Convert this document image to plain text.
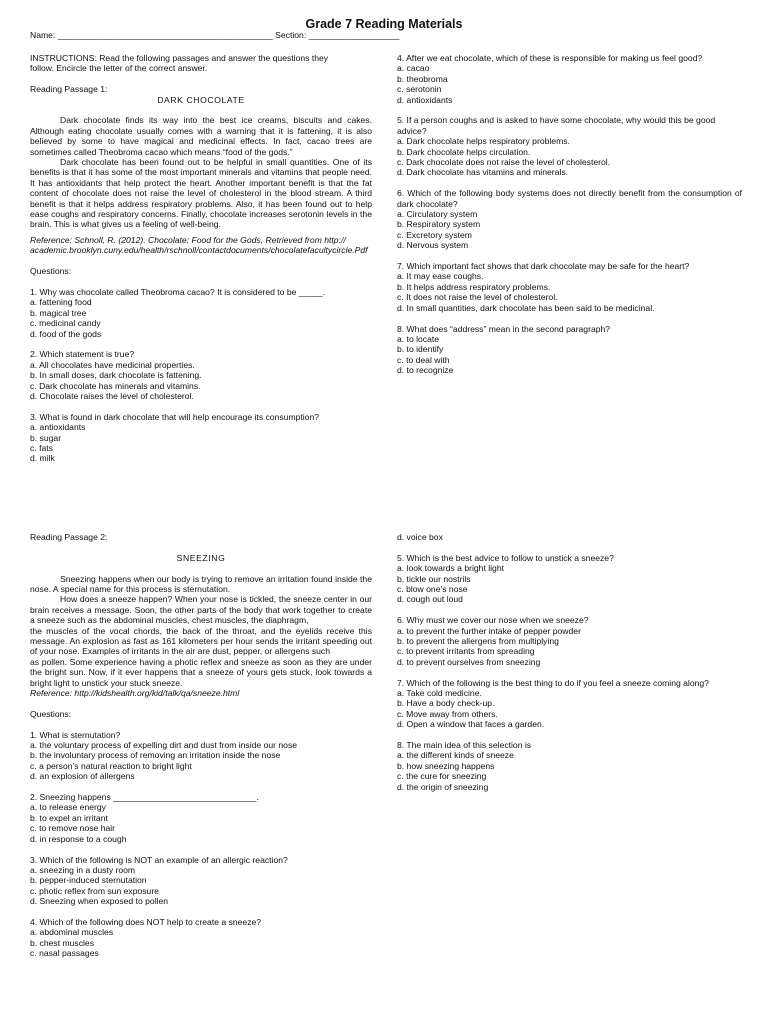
Grade 7 Reading Materials
Name: _____________________________________________ Section: ___________________

INSTRUCTIONS: Read the following passages and answer the questions they

follow. Encircle the letter of the correct answer.

Reading Passage 1:

DARK CHOCOLATE

Dark chocolate finds its way into the best ice creams, biscuits and cakes. Although eating chocolate usually comes with a warning that it is fattening, it is also believed by some to have magical and medicinal effects. In fact, cacao trees are sometimes called Theobroma cacao which means “food of the gods.”

Dark chocolate has been found out to be helpful in small quantities. One of its benefits is that it has some of the most important minerals and vitamins that people need. It has antioxidants that help protect the heart. Another important benefit is that the fat content of chocolate does not raise the level of cholesterol in the blood stream. A third benefit is that it helps address respiratory problems. Also, it has been found out to help ease coughs and respiratory concerns. Finally, chocolate increases serotonin levels in the brain. This is what gives us a feeling of well-being.

Reference: Schnoll, R. (2012). Chocolate: Food for the Gods, Retrieved from http://

academic.brooklyn.cuny.edu/health/rschnoll/contactdocuments/chocolatefacultycircle.Pdf

Questions:

1. Why was chocolate called Theobroma cacao? It is considered to be _____.

a. fattening food

b. magical tree

c. medicinal candy

d. food of the gods

2. Which statement is true?

a. All chocolates have medicinal properties.

b. In small doses, dark chocolate is fattening.

c. Dark chocolate has minerals and vitamins.

d. Chocolate raises the level of cholesterol.

3. What is found in dark chocolate that will help encourage its consumption?

a. antioxidants

b. sugar

c. fats

d. milk

4. After we eat chocolate, which of these is responsible for making us feel good?

a. cacao

b. theobroma

c. serotonin

d. antioxidants

5. If a person coughs and is asked to have some chocolate, why would this be good advice?

a. Dark chocolate helps respiratory problems.

b. Dark chocolate helps circulation.

c. Dark chocolate does not raise the level of cholesterol.

d. Dark chocolate has vitamins and minerals.

6. Which of the following body systems does not directly benefit from the consumption of dark chocolate?

a. Circulatory system

b. Respiratory system

c. Excretory system

d. Nervous system

7. Which important fact shows that dark chocolate may be safe for the heart?

a. It may ease coughs.

b. It helps address respiratory problems.

c. It does not raise the level of cholesterol.

d. In small quantities, dark chocolate has been said to be medicinal.

8. What does “address” mean in the second paragraph?

a. to locate

b. to identify

c. to deal with

d. to recognize

Reading Passage 2:

SNEEZING

Sneezing happens when our body is trying to remove an irritation found inside the nose. A special name for this process is sternutation.

How does a sneeze happen? When your nose is tickled, the sneeze center in our brain receives a message. Soon, the other parts of the body that work together to create a sneeze such as the abdominal muscles, chest muscles, the diaphragm,

the muscles of the vocal chords, the back of the throat, and the eyelids receive this message. An explosion as fast as 161 kilometers per hour sends the irritant speeding out of your nose. Examples of irritants in the air are dust, pepper, or allergens such

as pollen. Some experience having a photic reflex and sneeze as soon as they are under the bright sun. Now, if it ever happens that a sneeze of yours gets stuck, look towards a bright light to unstick your stuck sneeze.

Reference: http://kidshealth.org/kid/talk/qa/sneeze.html

Questions:

1. What is sternutation?

a. the voluntary process of expelling dirt and dust from inside our nose

b. the involuntary process of removing an irritation inside the nose

c. a person’s natural reaction to bright light

d. an explosion of allergens

2. Sneezing happens ______________________________.

a. to release energy

b. to expel an irritant

c. to remove nose hair

d. in response to a cough

3. Which of the following is NOT an example of an allergic reaction?

a. sneezing in a dusty room

b. pepper-induced sternutation

c. photic reflex from sun exposure

d. Sneezing when exposed to pollen

4. Which of the following does NOT help to create a sneeze?

a. abdominal muscles

b. chest muscles

c. nasal passages

d. voice box

5. Which is the best advice to follow to unstick a sneeze?

a. look towards a bright light

b. tickle our nostrils

c. blow one’s nose

d. cough out loud

6. Why must we cover our nose when we sneeze?

a. to prevent the further intake of pepper powder

b. to prevent the allergens from multiplying

c. to prevent irritants from spreading

d. to prevent ourselves from sneezing

7. Which of the following is the best thing to do if you feel a sneeze coming along?

a. Take cold medicine.

b. Have a body check-up.

c. Move away from others.

d. Open a window that faces a garden.

8. The main idea of this selection is

a. the different kinds of sneeze

b. how sneezing happens

c. the cure for sneezing

d. the origin of sneezing
